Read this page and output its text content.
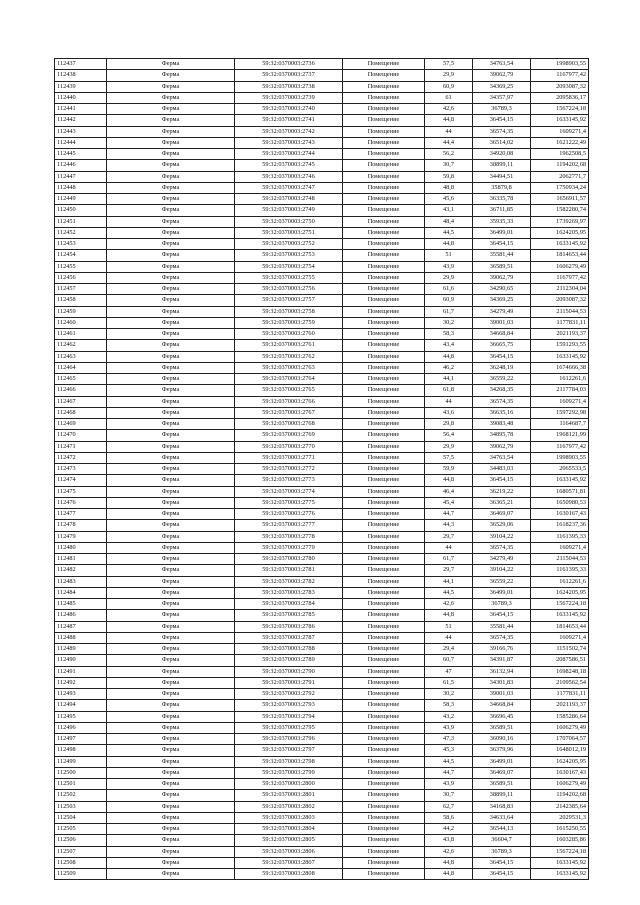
112437	Ферма	59:32:0370003:2736	Помещение	57,5	34763,54	1998903,55
112438	Ферма	59:32:0370003:2737	Помещение	29,9	39062,79	1167977,42
112439	Ферма	59:32:0370003:2738	Помещение	60,9	34369,25	2093087,32
112440	Ферма	59:32:0370003:2739	Помещение	61	34357,97	2095836,17
112441	Ферма	59:32:0370003:2740	Помещение	42,6	36789,3	1567224,18
112442	Ферма	59:32:0370003:2741	Помещение	44,8	36454,15	1633145,92
112443	Ферма	59:32:0370003:2742	Помещение	44	36574,35	1609271,4
112444	Ферма	59:32:0370003:2743	Помещение	44,4	36514,02	1621222,49
112445	Ферма	59:32:0370003:2744	Помещение	56,2	34920,08	1962508,5
112446	Ферма	59:32:0370003:2745	Помещение	30,7	38899,11	1194202,68
112447	Ферма	59:32:0370003:2746	Помещение	59,8	34494,51	2062771,7
112448	Ферма	59:32:0370003:2747	Помещение	48,8	35879,8	1750934,24
112449	Ферма	59:32:0370003:2748	Помещение	45,6	36335,78	1656911,57
112450	Ферма	59:32:0370003:2749	Помещение	43,1	36711,85	1582280,74
112451	Ферма	59:32:0370003:2750	Помещение	48,4	35935,33	1739269,97
112452	Ферма	59:32:0370003:2751	Помещение	44,5	36499,01	1624205,95
112453	Ферма	59:32:0370003:2752	Помещение	44,8	36454,15	1633145,92
112454	Ферма	59:32:0370003:2753	Помещение	51	35581,44	1814653,44
112455	Ферма	59:32:0370003:2754	Помещение	43,9	36589,51	1606279,49
112456	Ферма	59:32:0370003:2755	Помещение	29,9	39062,79	1167977,42
112457	Ферма	59:32:0370003:2756	Помещение	61,6	34290,65	2112304,04
112458	Ферма	59:32:0370003:2757	Помещение	60,9	34369,25	2093087,32
112459	Ферма	59:32:0370003:2758	Помещение	61,7	34279,49	2115044,53
112460	Ферма	59:32:0370003:2759	Помещение	30,2	39001,03	1177831,11
112461	Ферма	59:32:0370003:2760	Помещение	58,3	34668,84	2021193,37
112462	Ферма	59:32:0370003:2761	Помещение	43,4	36665,75	1591293,55
112463	Ферма	59:32:0370003:2762	Помещение	44,8	36454,15	1633145,92
112464	Ферма	59:32:0370003:2763	Помещение	46,2	36248,19	1674666,38
112465	Ферма	59:32:0370003:2764	Помещение	44,1	36559,22	1612261,6
112466	Ферма	59:32:0370003:2765	Помещение	61,8	34268,35	2117784,03
112467	Ферма	59:32:0370003:2766	Помещение	44	36574,35	1609271,4
112468	Ферма	59:32:0370003:2767	Помещение	43,6	36635,16	1597292,98
112469	Ферма	59:32:0370003:2768	Помещение	29,8	39083,48	1164687,7
112470	Ферма	59:32:0370003:2769	Помещение	56,4	34895,78	1968121,99
112471	Ферма	59:32:0370003:2770	Помещение	29,9	39062,79	1167977,42
112472	Ферма	59:32:0370003:2771	Помещение	57,5	34763,54	1998903,55
112473	Ферма	59:32:0370003:2772	Помещение	59,9	34483,03	2065533,5
112474	Ферма	59:32:0370003:2773	Помещение	44,8	36454,15	1633145,92
112475	Ферма	59:32:0370003:2774	Помещение	46,4	36219,22	1680571,81
112476	Ферма	59:32:0370003:2775	Помещение	45,4	36365,21	1650980,53
112477	Ферма	59:32:0370003:2776	Помещение	44,7	36469,07	1630167,43
112478	Ферма	59:32:0370003:2777	Помещение	44,3	36529,06	1618237,36
112479	Ферма	59:32:0370003:2778	Помещение	29,7	39104,22	1161395,33
112480	Ферма	59:32:0370003:2779	Помещение	44	36574,35	1609271,4
112481	Ферма	59:32:0370003:2780	Помещение	61,7	34279,49	2115044,53
112482	Ферма	59:32:0370003:2781	Помещение	29,7	39104,22	1161395,33
112483	Ферма	59:32:0370003:2782	Помещение	44,1	36559,22	1612261,6
112484	Ферма	59:32:0370003:2783	Помещение	44,5	36499,01	1624205,95
112485	Ферма	59:32:0370003:2784	Помещение	42,6	36789,3	1567224,18
112486	Ферма	59:32:0370003:2785	Помещение	44,8	36454,15	1633145,92
112487	Ферма	59:32:0370003:2786	Помещение	51	35581,44	1814653,44
112488	Ферма	59:32:0370003:2787	Помещение	44	36574,35	1609271,4
112489	Ферма	59:32:0370003:2788	Помещение	29,4	39166,76	1151502,74
112490	Ферма	59:32:0370003:2789	Помещение	60,7	34391,87	2087586,51
112491	Ферма	59:32:0370003:2790	Помещение	47	36132,94	1698248,18
112492	Ферма	59:32:0370003:2791	Помещение	61,5	34301,83	2109562,54
112493	Ферма	59:32:0370003:2792	Помещение	30,2	39001,03	1177831,11
112494	Ферма	59:32:0370003:2793	Помещение	58,3	34668,84	2021193,37
112495	Ферма	59:32:0370003:2794	Помещение	43,2	36696,45	1585286,64
112496	Ферма	59:32:0370003:2795	Помещение	43,9	36589,51	1606279,49
112497	Ферма	59:32:0370003:2796	Помещение	47,3	36090,16	1707064,57
112498	Ферма	59:32:0370003:2797	Помещение	45,3	36379,96	1648012,19
112499	Ферма	59:32:0370003:2798	Помещение	44,5	36499,01	1624205,95
112500	Ферма	59:32:0370003:2799	Помещение	44,7	36469,07	1630167,43
112501	Ферма	59:32:0370003:2800	Помещение	43,9	36589,51	1606279,49
112502	Ферма	59:32:0370003:2801	Помещение	30,7	38899,11	1194202,68
112503	Ферма	59:32:0370003:2802	Помещение	62,7	34168,83	2142385,64
112504	Ферма	59:32:0370003:2803	Помещение	58,6	34633,64	2029531,3
112505	Ферма	59:32:0370003:2804	Помещение	44,2	36544,13	1615250,55
112506	Ферма	59:32:0370003:2805	Помещение	43,8	36604,7	1603285,86
112507	Ферма	59:32:0370003:2806	Помещение	42,6	36789,3	1567224,18
112508	Ферма	59:32:0370003:2807	Помещение	44,8	36454,15	1633145,92
112509	Ферма	59:32:0370003:2808	Помещение	44,8	36454,15	1633145,92
